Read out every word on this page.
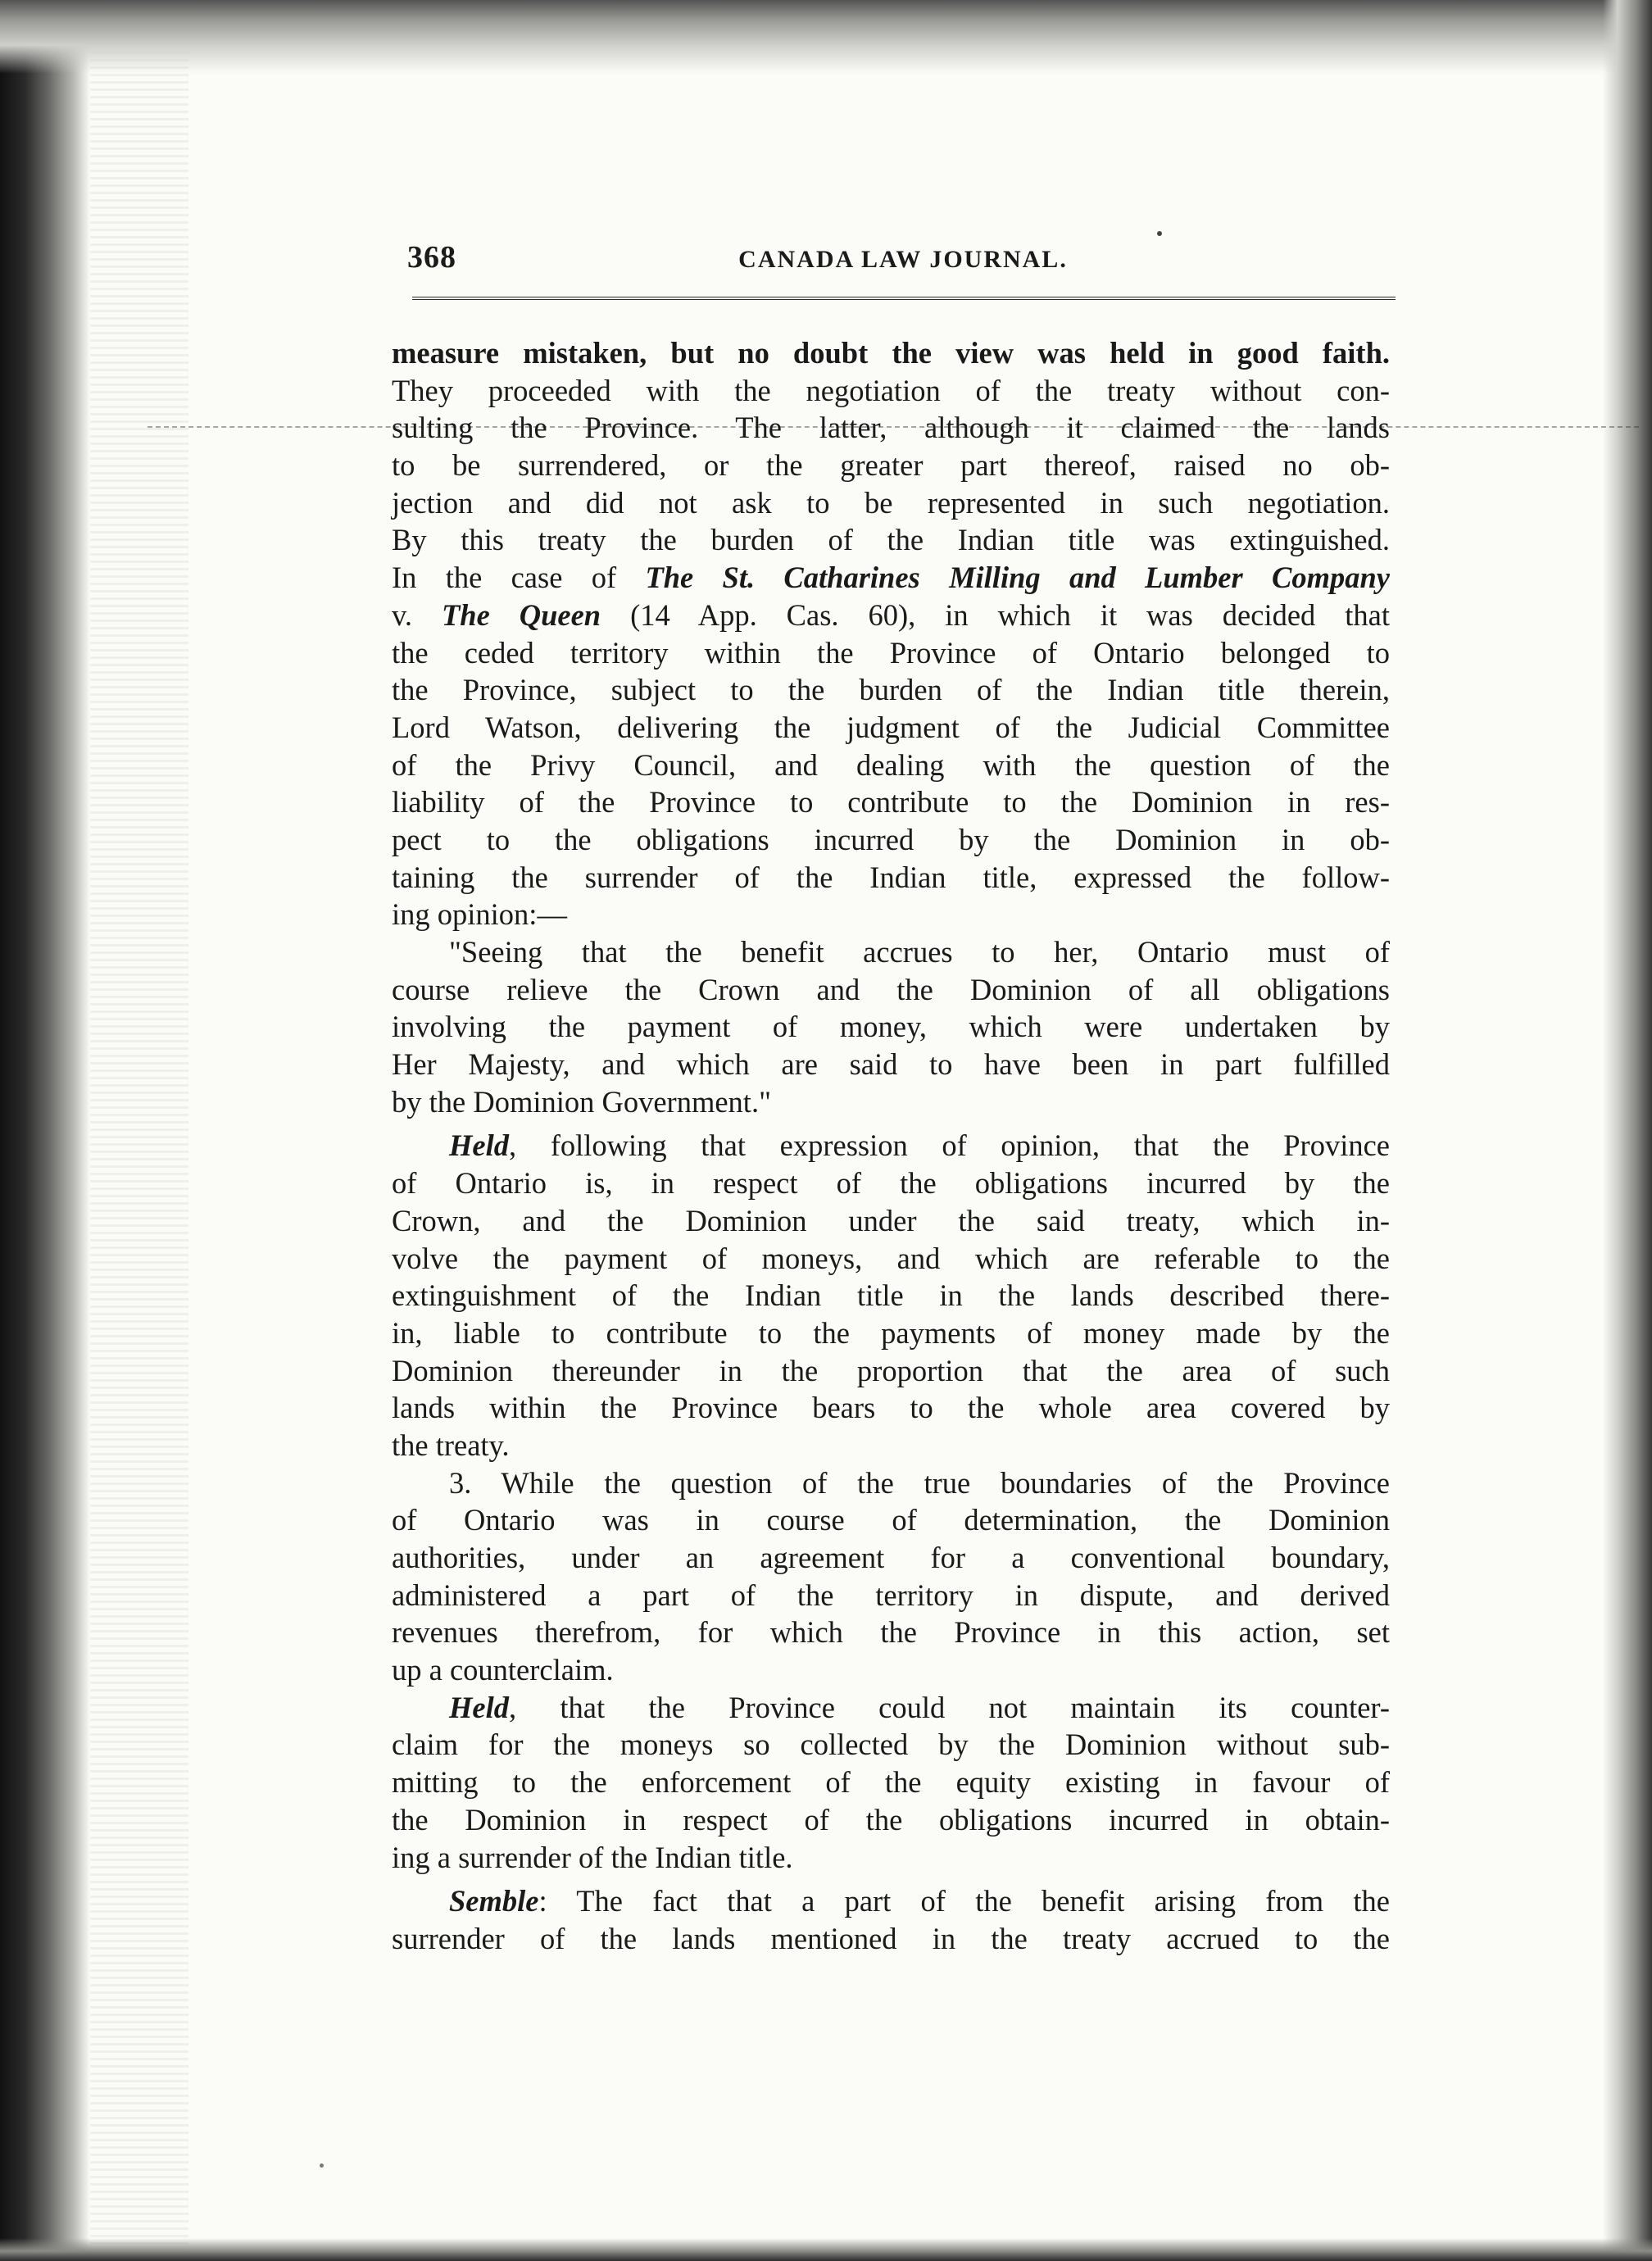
368	CANADA LAW JOURNAL.
measure mistaken, but no doubt the view was held in good faith.
They proceeded with the negotiation of the treaty without con-
sulting the Province. The latter, although it claimed the lands
to be surrendered, or the greater part thereof, raised no ob-
jection and did not ask to be represented in such negotiation.
By this treaty the burden of the Indian title was extinguished.
In the case of The St. Catharines Milling and Lumber Company
v. The Queen (14 App. Cas. 60), in which it was decided that
the ceded territory within the Province of Ontario belonged to
the Province, subject to the burden of the Indian title therein,
Lord Watson, delivering the judgment of the Judicial Committee
of the Privy Council, and dealing with the question of the
liability of the Province to contribute to the Dominion in res-
pect to the obligations incurred by the Dominion in ob-
taining the surrender of the Indian title, expressed the follow-
ing opinion:—
"Seeing that the benefit accrues to her, Ontario must of
course relieve the Crown and the Dominion of all obligations
involving the payment of money, which were undertaken by
Her Majesty, and which are said to have been in part fulfilled
by the Dominion Government."
Held, following that expression of opinion, that the Province
of Ontario is, in respect of the obligations incurred by the
Crown, and the Dominion under the said treaty, which in-
volve the payment of moneys, and which are referable to the
extinguishment of the Indian title in the lands described there-
in, liable to contribute to the payments of money made by the
Dominion thereunder in the proportion that the area of such
lands within the Province bears to the whole area covered by
the treaty.
3. While the question of the true boundaries of the Province
of Ontario was in course of determination, the Dominion
authorities, under an agreement for a conventional boundary,
administered a part of the territory in dispute, and derived
revenues therefrom, for which the Province in this action, set
up a counterclaim.
Held, that the Province could not maintain its counter-
claim for the moneys so collected by the Dominion without sub-
mitting to the enforcement of the equity existing in favour of
the Dominion in respect of the obligations incurred in obtain-
ing a surrender of the Indian title.
Semble: The fact that a part of the benefit arising from the
surrender of the lands mentioned in the treaty accrued to the
